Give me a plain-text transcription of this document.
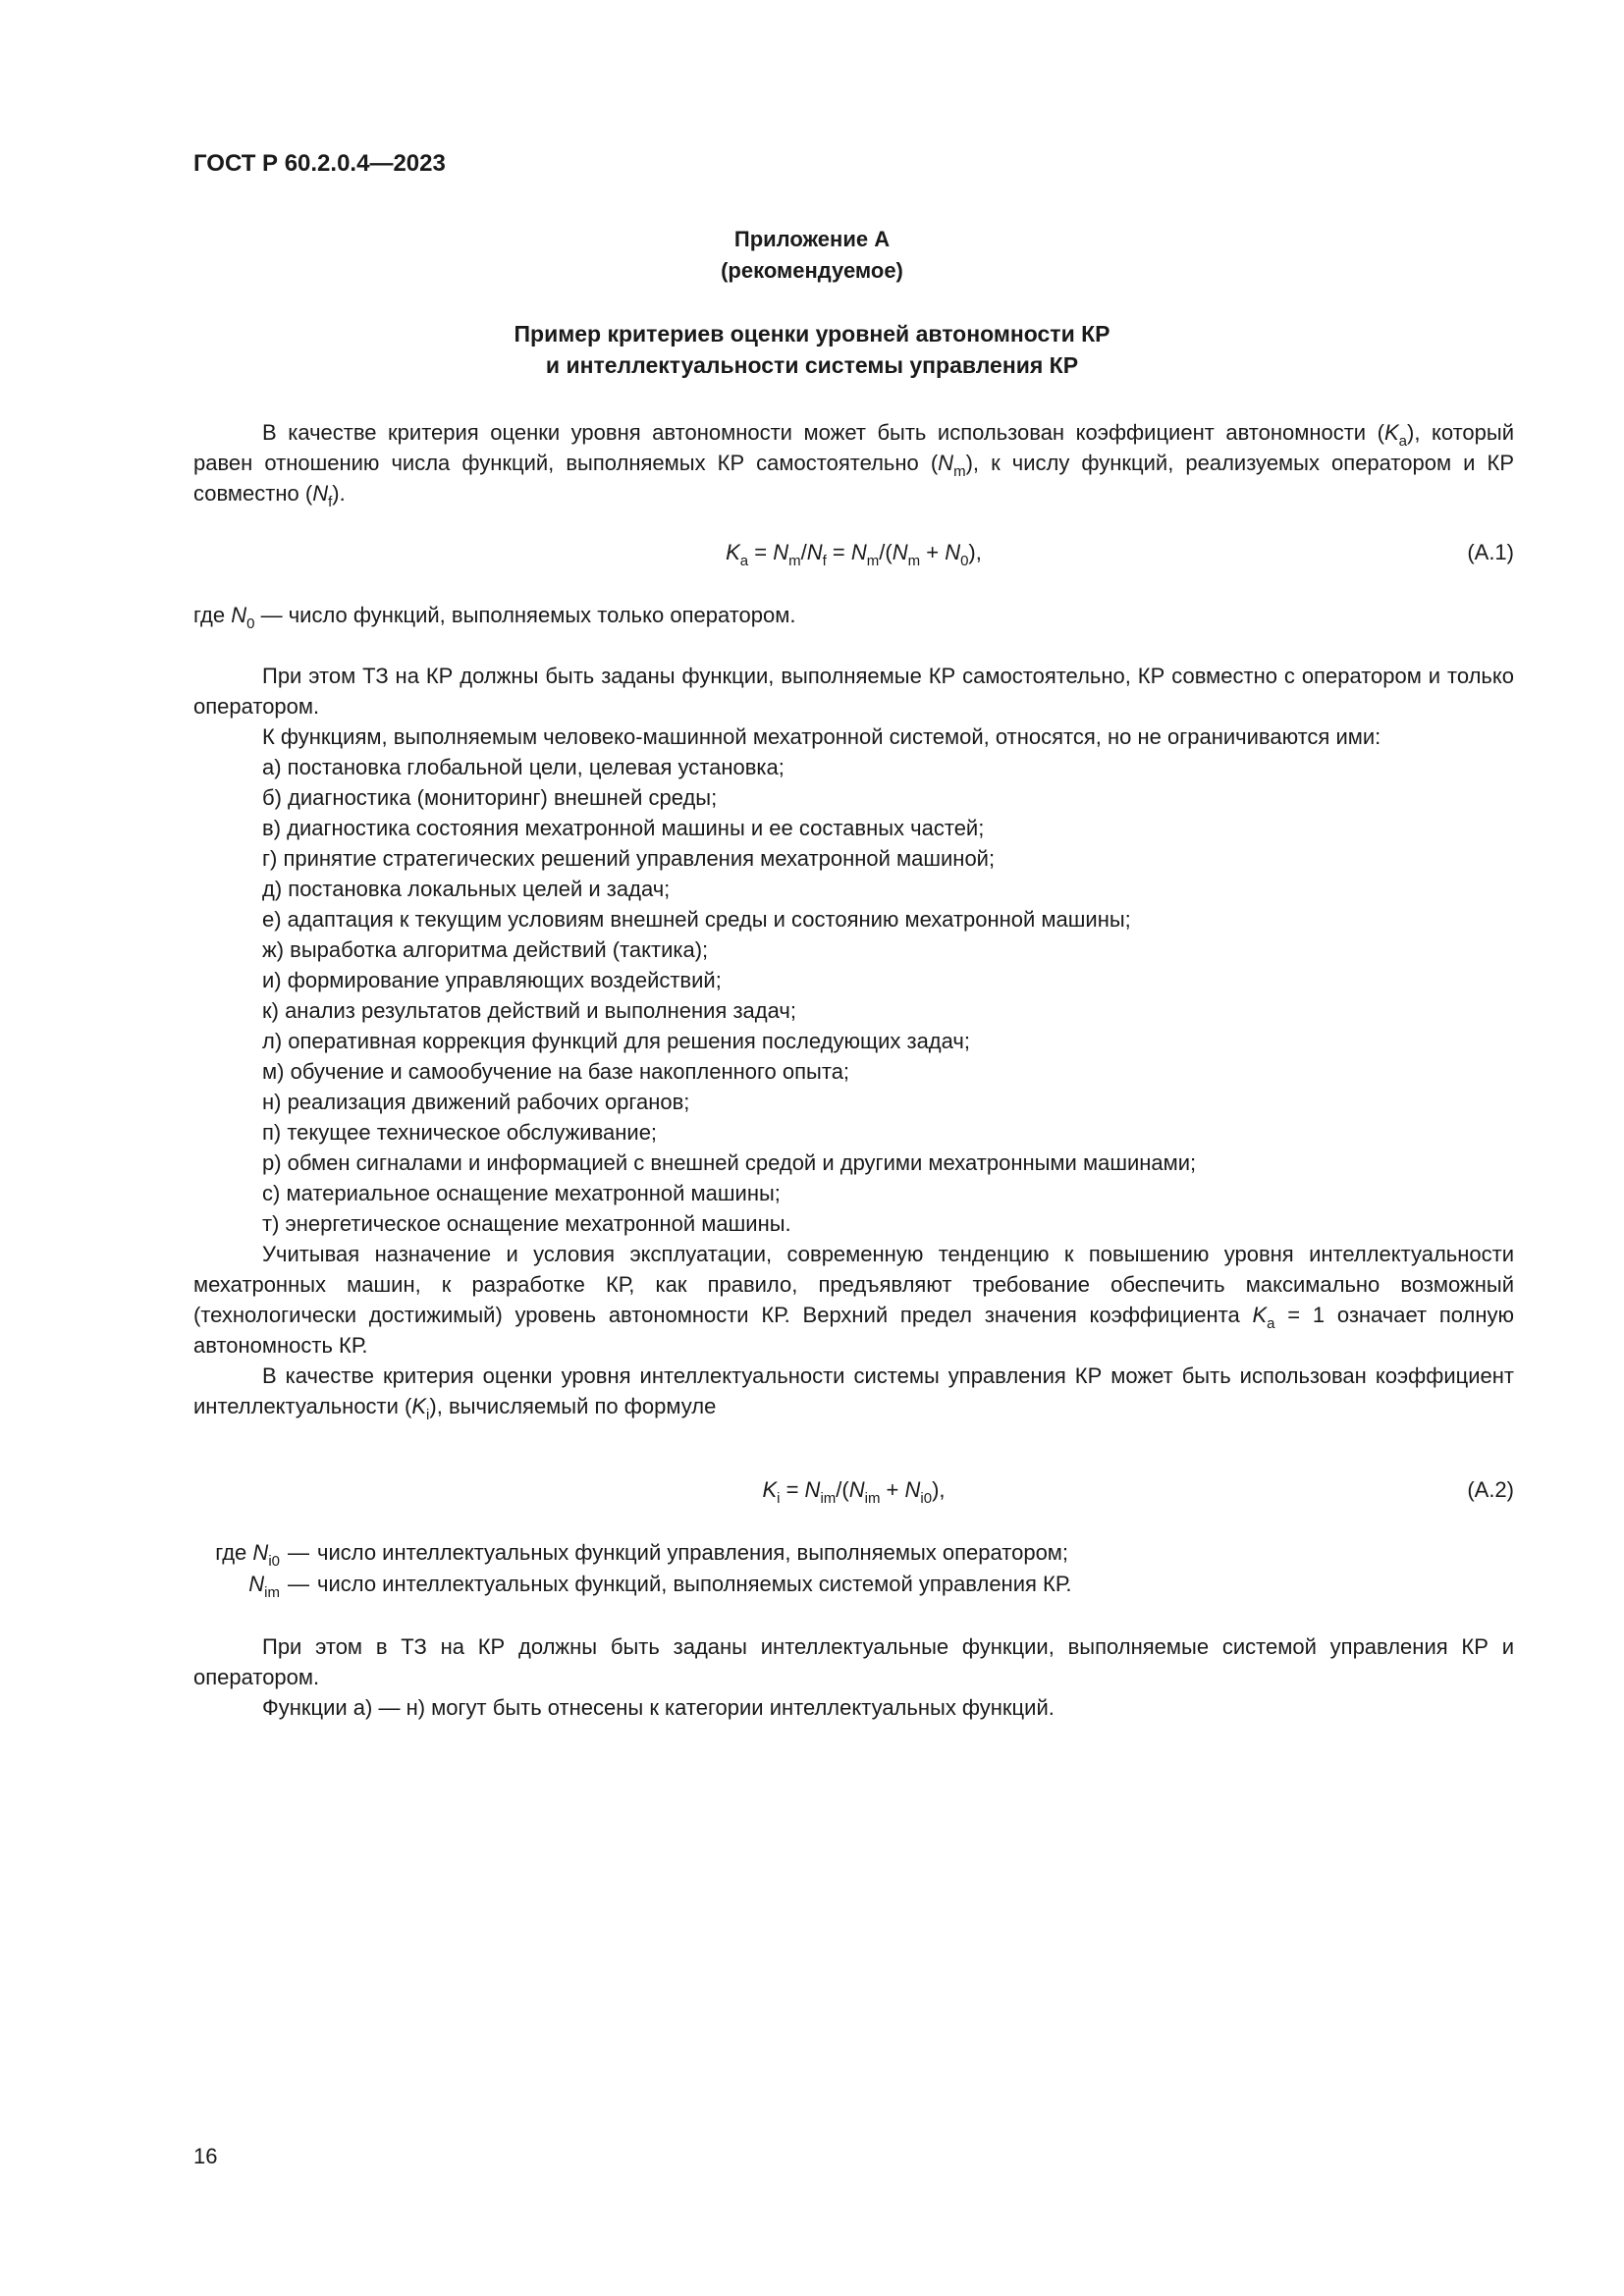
ГОСТ Р 60.2.0.4—2023
Приложение А
(рекомендуемое)
Пример критериев оценки уровней автономности КР
и интеллектуальности системы управления КР

В качестве критерия оценки уровня автономности может быть использован коэффициент автономности $(K_a)$, который равен отношению числа функций, выполняемых КР самостоятельно $(N_m)$, к числу функций, реализуемых оператором и КР совместно $(N_f)$.

$K_a = N_m/N_f = N_m/(N_m + N_0)$,	(А.1)

где $N_0$ — число функций, выполняемых только оператором.

При этом ТЗ на КР должны быть заданы функции, выполняемые КР самостоятельно, КР совместно с оператором и только оператором.

К функциям, выполняемым человеко-машинной мехатронной системой, относятся, но не ограничиваются ими:

а) постановка глобальной цели, целевая установка;

б) диагностика (мониторинг) внешней среды;

в) диагностика состояния мехатронной машины и ее составных частей;

г) принятие стратегических решений управления мехатронной машиной;

д) постановка локальных целей и задач;

е) адаптация к текущим условиям внешней среды и состоянию мехатронной машины;

ж) выработка алгоритма действий (тактика);

и) формирование управляющих воздействий;

к) анализ результатов действий и выполнения задач;

л) оперативная коррекция функций для решения последующих задач;

м) обучение и самообучение на базе накопленного опыта;

н) реализация движений рабочих органов;

п) текущее техническое обслуживание;

р) обмен сигналами и информацией с внешней средой и другими мехатронными машинами;

с) материальное оснащение мехатронной машины;

т) энергетическое оснащение мехатронной машины.

Учитывая назначение и условия эксплуатации, современную тенденцию к повышению уровня интеллектуальности мехатронных машин, к разработке КР, как правило, предъявляют требование обеспечить максимально возможный (технологически достижимый) уровень автономности КР. Верхний предел значения коэффициента $K_a = 1$ означает полную автономность КР.

В качестве критерия оценки уровня интеллектуальности системы управления КР может быть использован коэффициент интеллектуальности $(K_i)$, вычисляемый по формуле

$K_i = N_{im}/(N_{im} + N_{i0})$,	(А.2)
где $N_{i0}$ — число интеллектуальных функций управления, выполняемых оператором;
$N_{im}$ — число интеллектуальных функций, выполняемых системой управления КР.

При этом в ТЗ на КР должны быть заданы интеллектуальные функции, выполняемые системой управления КР и оператором.

Функции а) — н) могут быть отнесены к категории интеллектуальных функций.

16
